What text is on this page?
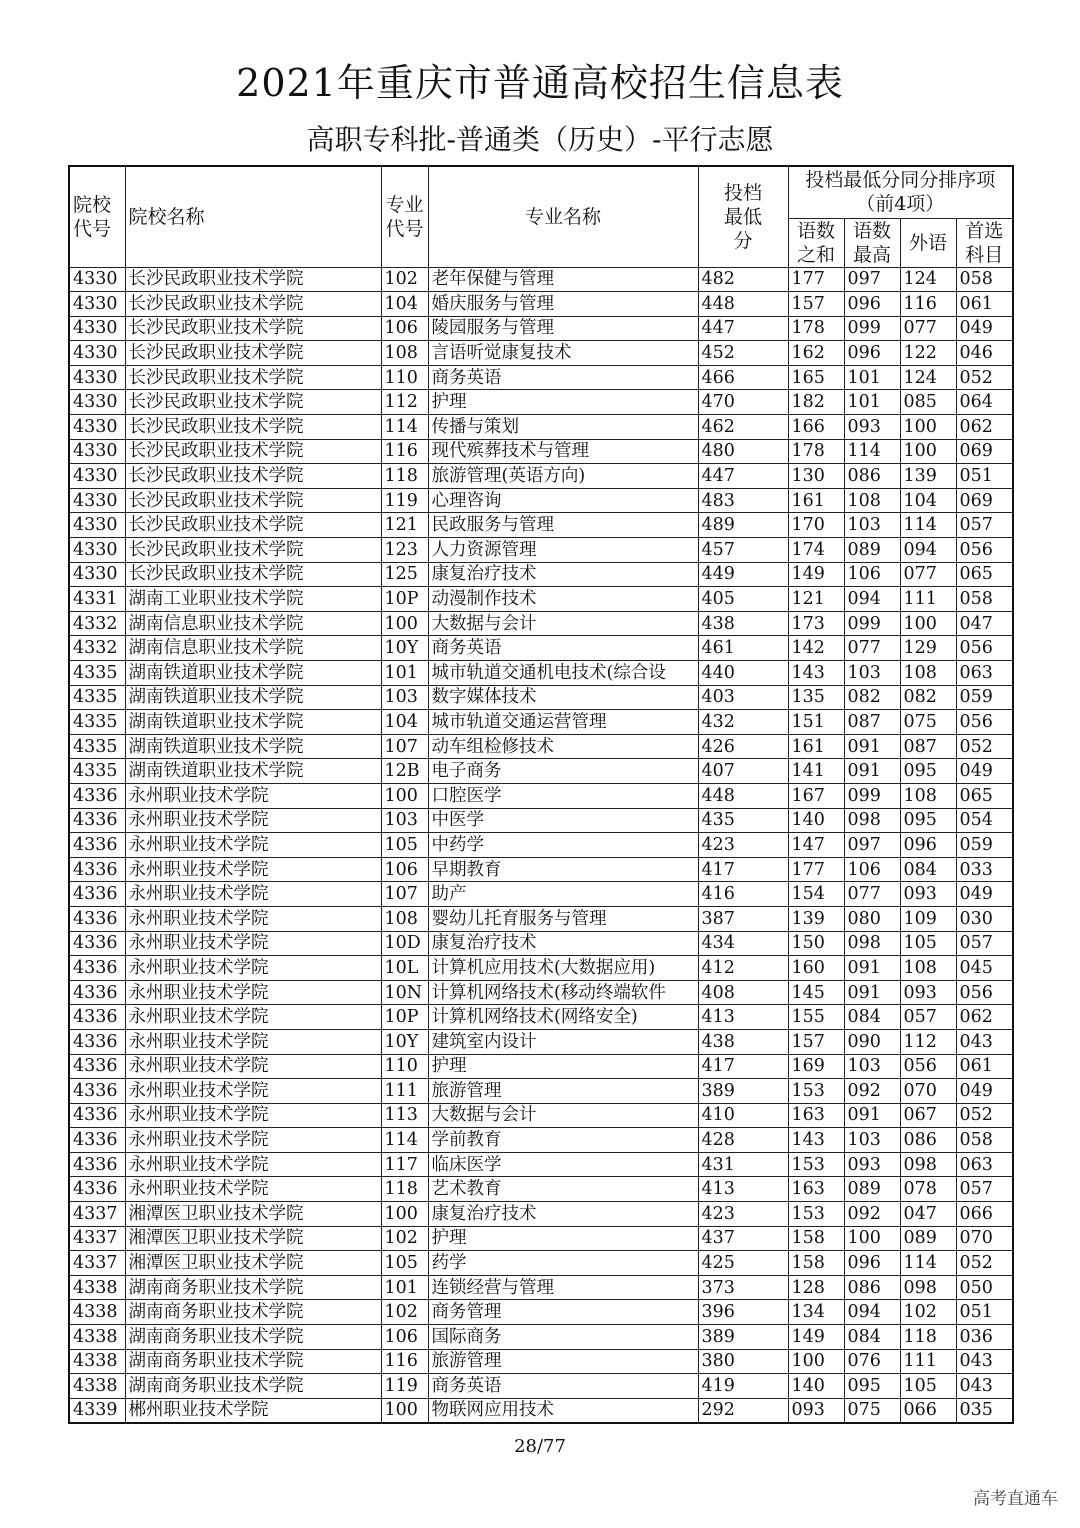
2021年重庆市普通高校招生信息表
高职专科批-普通类（历史）-平行志愿
院校代号	院校名称	专业代号	专业名称	投档最低分	投档最低分同分排序项（前4项）			
					语数之和	语数最高	外语	首选科目
4330	长沙民政职业技术学院	102	老年保健与管理	482	177	097	124	058
4330	长沙民政职业技术学院	104	婚庆服务与管理	448	157	096	116	061
4330	长沙民政职业技术学院	106	陵园服务与管理	447	178	099	077	049
4330	长沙民政职业技术学院	108	言语听觉康复技术	452	162	096	122	046
4330	长沙民政职业技术学院	110	商务英语	466	165	101	124	052
4330	长沙民政职业技术学院	112	护理	470	182	101	085	064
4330	长沙民政职业技术学院	114	传播与策划	462	166	093	100	062
4330	长沙民政职业技术学院	116	现代殡葬技术与管理	480	178	114	100	069
4330	长沙民政职业技术学院	118	旅游管理(英语方向)	447	130	086	139	051
4330	长沙民政职业技术学院	119	心理咨询	483	161	108	104	069
4330	长沙民政职业技术学院	121	民政服务与管理	489	170	103	114	057
4330	长沙民政职业技术学院	123	人力资源管理	457	174	089	094	056
4330	长沙民政职业技术学院	125	康复治疗技术	449	149	106	077	065
4331	湖南工业职业技术学院	10P	动漫制作技术	405	121	094	111	058
4332	湖南信息职业技术学院	100	大数据与会计	438	173	099	100	047
4332	湖南信息职业技术学院	10Y	商务英语	461	142	077	129	056
4335	湖南铁道职业技术学院	101	城市轨道交通机电技术(综合设	440	143	103	108	063
4335	湖南铁道职业技术学院	103	数字媒体技术	403	135	082	082	059
4335	湖南铁道职业技术学院	104	城市轨道交通运营管理	432	151	087	075	056
4335	湖南铁道职业技术学院	107	动车组检修技术	426	161	091	087	052
4335	湖南铁道职业技术学院	12B	电子商务	407	141	091	095	049
4336	永州职业技术学院	100	口腔医学	448	167	099	108	065
4336	永州职业技术学院	103	中医学	435	140	098	095	054
4336	永州职业技术学院	105	中药学	423	147	097	096	059
4336	永州职业技术学院	106	早期教育	417	177	106	084	033
4336	永州职业技术学院	107	助产	416	154	077	093	049
4336	永州职业技术学院	108	婴幼儿托育服务与管理	387	139	080	109	030
4336	永州职业技术学院	10D	康复治疗技术	434	150	098	105	057
4336	永州职业技术学院	10L	计算机应用技术(大数据应用)	412	160	091	108	045
4336	永州职业技术学院	10N	计算机网络技术(移动终端软件	408	145	091	093	056
4336	永州职业技术学院	10P	计算机网络技术(网络安全)	413	155	084	057	062
4336	永州职业技术学院	10Y	建筑室内设计	438	157	090	112	043
4336	永州职业技术学院	110	护理	417	169	103	056	061
4336	永州职业技术学院	111	旅游管理	389	153	092	070	049
4336	永州职业技术学院	113	大数据与会计	410	163	091	067	052
4336	永州职业技术学院	114	学前教育	428	143	103	086	058
4336	永州职业技术学院	117	临床医学	431	153	093	098	063
4336	永州职业技术学院	118	艺术教育	413	163	089	078	057
4337	湘潭医卫职业技术学院	100	康复治疗技术	423	153	092	047	066
4337	湘潭医卫职业技术学院	102	护理	437	158	100	089	070
4337	湘潭医卫职业技术学院	105	药学	425	158	096	114	052
4338	湖南商务职业技术学院	101	连锁经营与管理	373	128	086	098	050
4338	湖南商务职业技术学院	102	商务管理	396	134	094	102	051
4338	湖南商务职业技术学院	106	国际商务	389	149	084	118	036
4338	湖南商务职业技术学院	116	旅游管理	380	100	076	111	043
4338	湖南商务职业技术学院	119	商务英语	419	140	095	105	043
4339	郴州职业技术学院	100	物联网应用技术	292	093	075	066	035
28/77
高考直通车
